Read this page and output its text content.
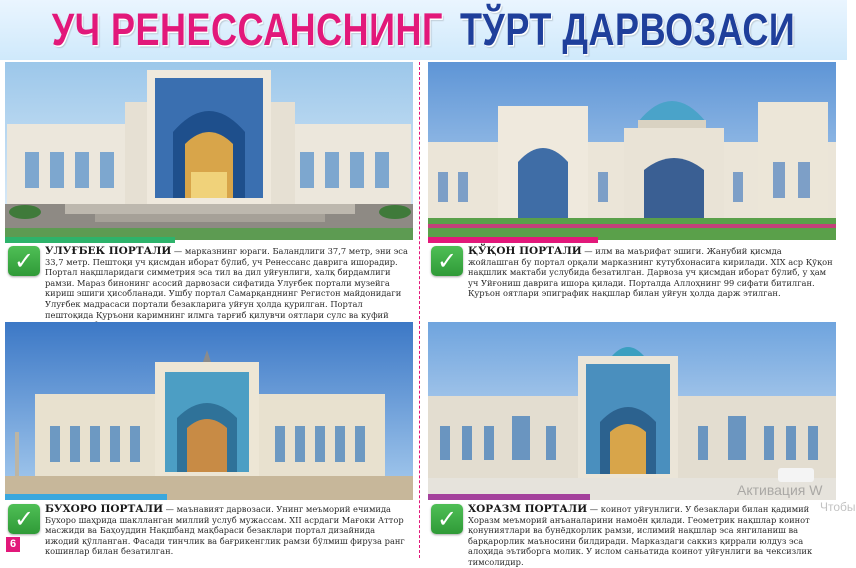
УЧ РЕНЕССАНСНИНГ ТЎРТ ДАРВОЗАСИ
✓	УЛУҒБЕК ПОРТАЛИ — марказнинг юраги. Баландлиги 37,7 метр, эни эса 33,7 метр. Пештоқи уч қисмдан иборат бўлиб, уч Ренессанс даврига ишорадир. Портал нақшларидаги симметрия эса тил ва дил уйғунлиги, халқ бирдамлиги рамзи. Мараз бинонинг асосий дарвозаси сифатида Улуғбек портали музейга кириш эшиги ҳисобланади. Ушбу портал Самарқанднинг Регистон майдонидаги Улуғбек мадрасаси портали безакларига уйғун ҳолда қурилган. Портал пештоқида Қуръони каримнинг илмга тарғиб қилувчи оятлари сулс ва куфий

✓	ҚЎҚОН ПОРТАЛИ — илм ва маърифат эшиги. Жанубий қисмда жойлашган бу портал орқали марказнинг кутубхонасига кирилади. XIX аср Қўқон нақшлик мактаби услубида безатилган. Дарвоза уч қисмдан иборат бўлиб, у ҳам уч Уйғониш даврига ишора қилади. Порталда Аллоҳнинг 99 сифати битилган. Қуръон оятлари эпиграфик нақшлар билан уйғун ҳолда дарж этилган.

✓	БУХОРО ПОРТАЛИ — маънавият дарвозаси. Унинг меъморий ечимида Бухоро шаҳрида шаклланган миллий услуб мужассам. XII асрдаги Мағоки Аттор масжиди ва Баҳоуддин Нақшбанд мақбараси безаклари портал дизайнида ижодий қўлланган. Фасади тинчлик ва бағрикенглик рамзи бўлмиш фируза ранг кошинлар билан безатилган.

✓	ХОРАЗМ ПОРТАЛИ — коинот уйғунлиги. У безаклари билан қадимий Хоразм меъморий анъаналарини намоён қилади. Геометрик нақшлар коинот қонуниятлари ва бунёдкорлик рамзи, ислимий нақшлар эса янгиланиш ва барқарорлик маъносини билдиради. Марказдаги саккиз қиррали юлдуз эса алоҳида эътиборга молик. У ислом саньатида коинот уйғунлиги ва чексизлик тимсолидир.

6
Активация W
Чтобы
